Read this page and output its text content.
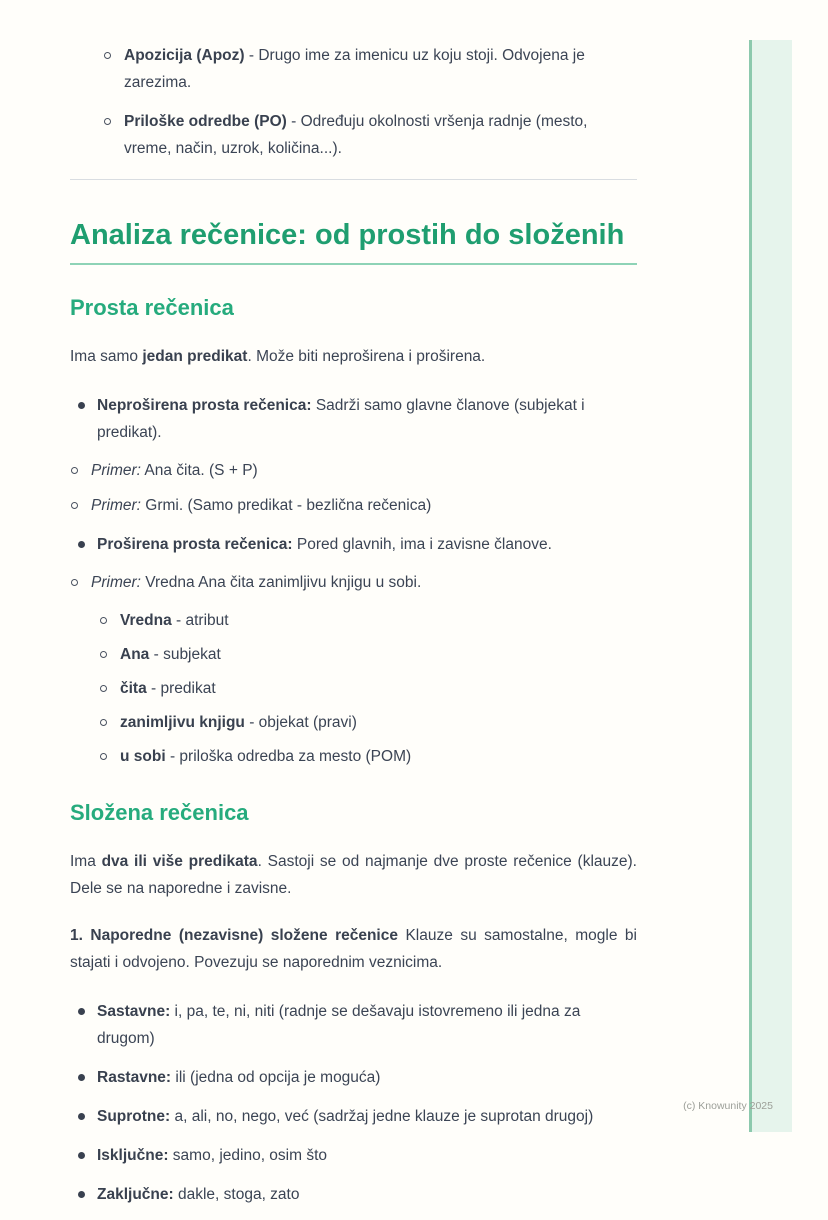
Apozicija (Apoz) - Drugo ime za imenicu uz koju stoji. Odvojena je zarezima.
Priloške odredbe (PO) - Određuju okolnosti vršenja radnje (mesto, vreme, način, uzrok, količina...).
Analiza rečenice: od prostih do složenih
Prosta rečenica

Ima samo jedan predikat. Može biti neproširena i proširena.

Neproširena prosta rečenica: Sadrži samo glavne članove (subjekat i predikat).
Primer: Ana čita. (S + P)
Primer: Grmi. (Samo predikat - bezlična rečenica)
Proširena prosta rečenica: Pored glavnih, ima i zavisne članove.
Primer: Vredna Ana čita zanimljivu knjigu u sobi.
Vredna - atribut
Ana - subjekat
čita - predikat
zanimljivu knjigu - objekat (pravi)
u sobi - priloška odredba za mesto (POM)
Složena rečenica

Ima dva ili više predikata. Sastoji se od najmanje dve proste rečenice (klauze). Dele se na naporedne i zavisne.

1. Naporedne (nezavisne) složene rečenice Klauze su samostalne, mogle bi stajati i odvojeno. Povezuju se naporednim veznicima.

Sastavne: i, pa, te, ni, niti (radnje se dešavaju istovremeno ili jedna za drugom)
Rastavne: ili (jedna od opcija je moguća)
Suprotne: a, ali, no, nego, već (sadržaj jedne klauze je suprotan drugoj)
Isključne: samo, jedino, osim što
Zaključne: dakle, stoga, zato
(c) Knowunity 2025
